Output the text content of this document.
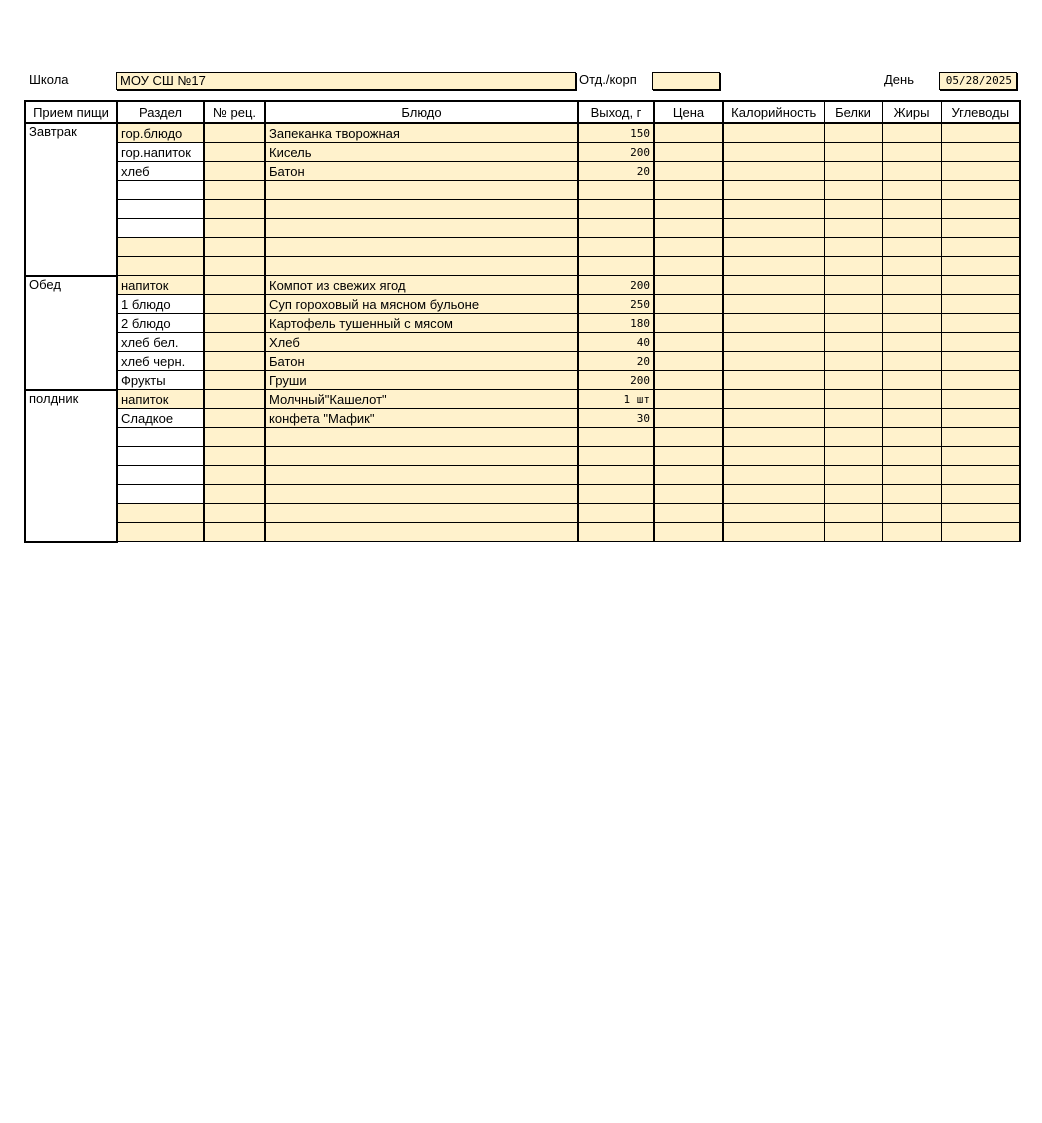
Школа	МОУ СШ №17	Отд./корп	День	05/28/2025
Прием пищи	Раздел	№ рец.	Блюдо	Выход, г	Цена	Калорийность	Белки	Жиры	Углеводы
Завтрак	гор.блюдо		Запеканка творожная	150					
	гор.напиток		Кисель	200					
	хлеб		Батон	20					

Обед	напиток		Компот из свежих ягод	200					
	1 блюдо		Суп гороховый на мясном бульоне	250					
	2 блюдо		Картофель тушенный с мясом	180					
	хлеб бел.		Хлеб	40					
	хлеб черн.		Батон	20					
	Фрукты		Груши	200					
полдник	напиток		Молчный"Кашелот"	1 шт					
	Сладкое		конфета "Мафик"	30					
